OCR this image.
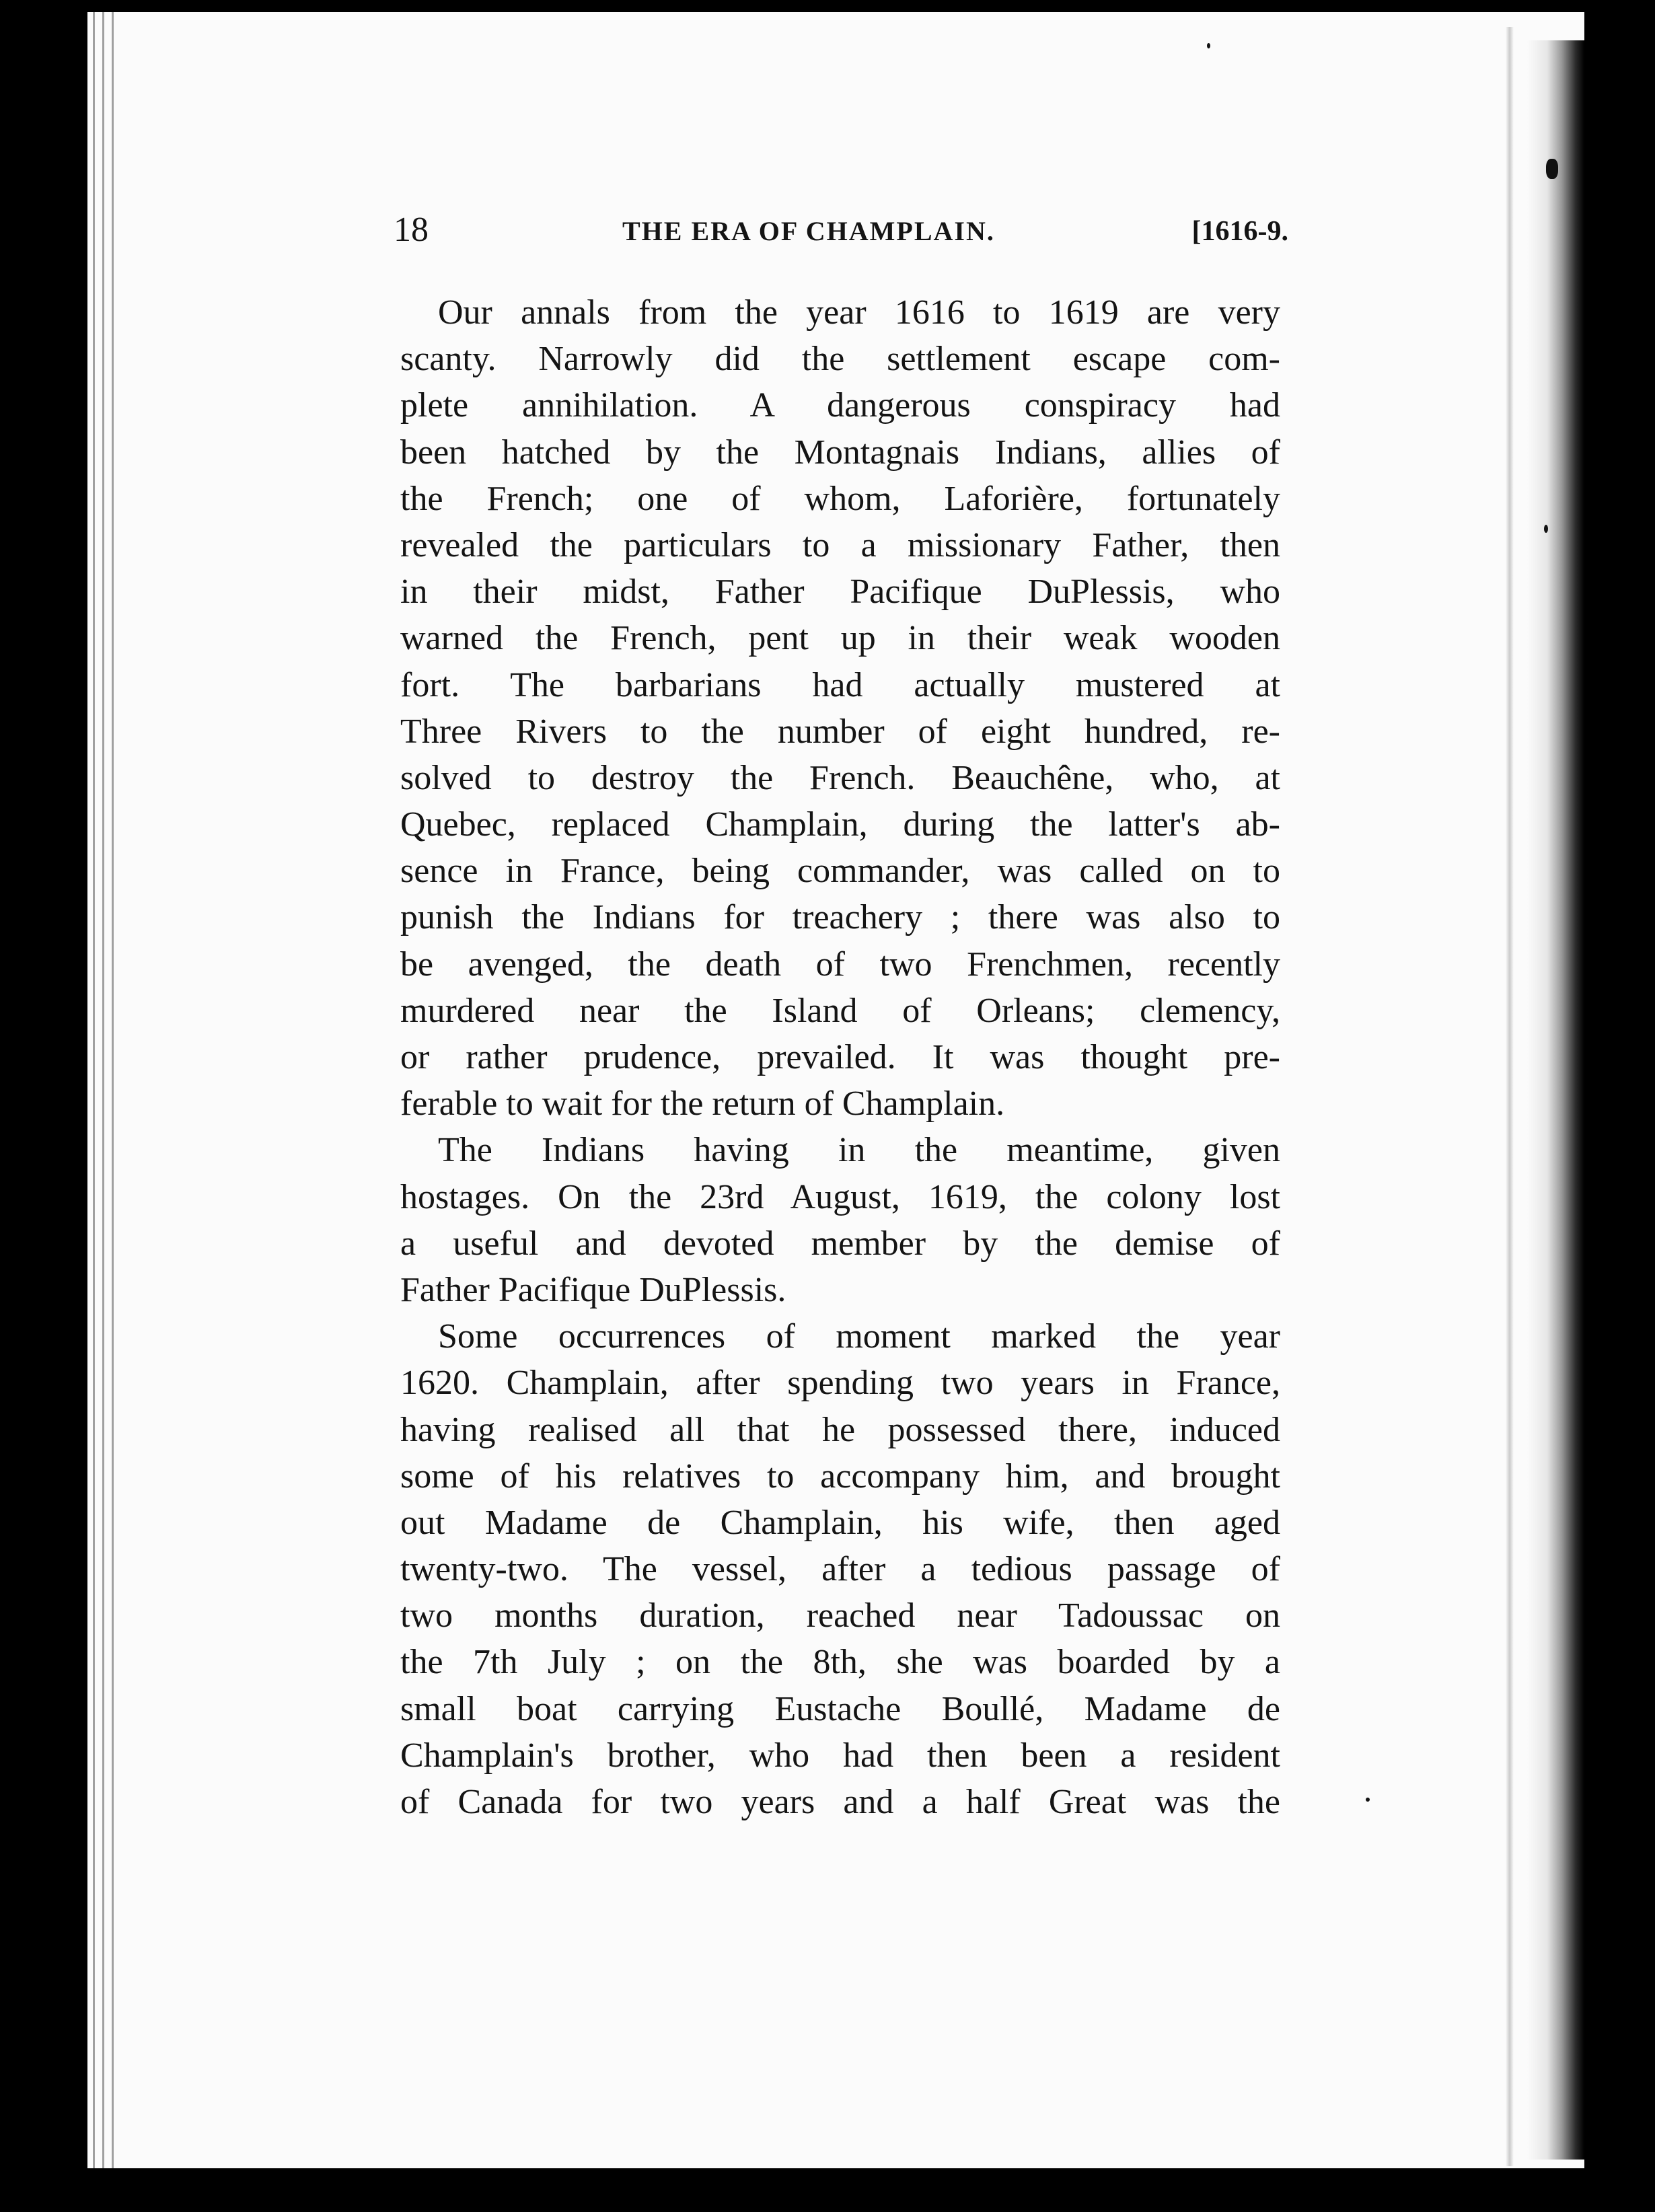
18	THE ERA OF CHAMPLAIN.	[1616-9.
Our annals from the year 1616 to 1619 are very
scanty. Narrowly did the settlement escape com-
plete annihilation. A dangerous conspiracy had
been hatched by the Montagnais Indians, allies of
the French; one of whom, Laforière, fortunately
revealed the particulars to a missionary Father, then
in their midst, Father Pacifique DuPlessis, who
warned the French, pent up in their weak wooden
fort. The barbarians had actually mustered at
Three Rivers to the number of eight hundred, re-
solved to destroy the French. Beauchêne, who, at
Quebec, replaced Champlain, during the latter's ab-
sence in France, being commander, was called on to
punish the Indians for treachery ; there was also to
be avenged, the death of two Frenchmen, recently
murdered near the Island of Orleans; clemency,
or rather prudence, prevailed. It was thought pre-
ferable to wait for the return of Champlain.
The Indians having in the meantime, given
hostages. On the 23rd August, 1619, the colony lost
a useful and devoted member by the demise of
Father Pacifique DuPlessis.
Some occurrences of moment marked the year
1620. Champlain, after spending two years in France,
having realised all that he possessed there, induced
some of his relatives to accompany him, and brought
out Madame de Champlain, his wife, then aged
twenty-two. The vessel, after a tedious passage of
two months duration, reached near Tadoussac on
the 7th July ; on the 8th, she was boarded by a
small boat carrying Eustache Boullé, Madame de
Champlain's brother, who had then been a resident
of Canada for two years and a half Great was the
